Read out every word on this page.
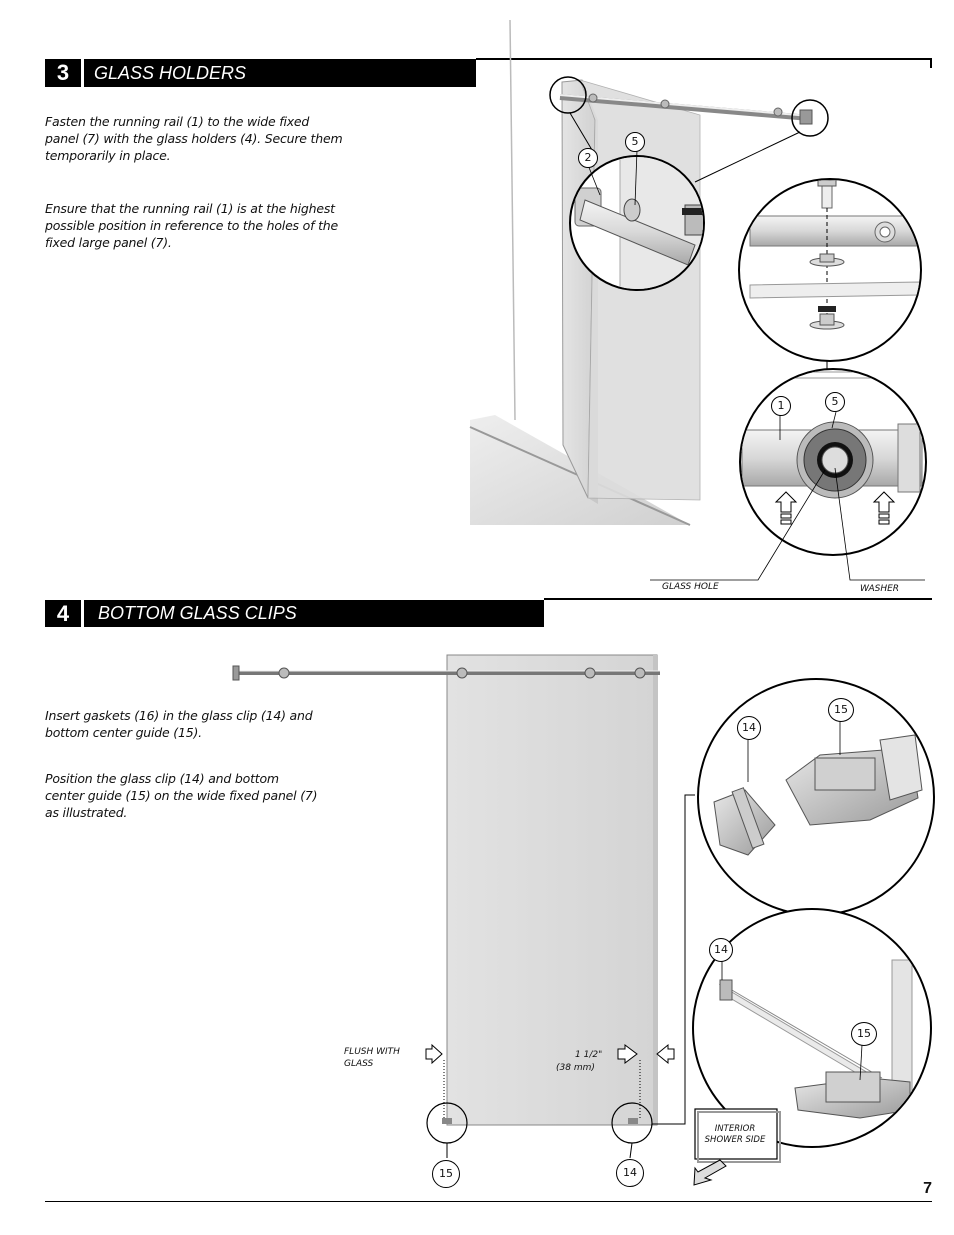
3	GLASS HOLDERS
Fasten the running rail (1) to the wide fixed panel (7) with the glass holders (4). Secure them temporarily in place.
Ensure that the running rail (1) is at the highest possible position in reference to the holes of the fixed large panel (7).
2
5
1	5
GLASS HOLE	WASHER
4	BOTTOM GLASS CLIPS
Insert gaskets (16) in the glass clip (14) and bottom center guide (15).
Position the glass clip (14) and bottom center guide (15) on the wide fixed panel (7) as illustrated.
FLUSH WITH GLASS
1 1/2"
(38 mm)
INTERIOR SHOWER SIDE
14
15
14
15
15	14
7
